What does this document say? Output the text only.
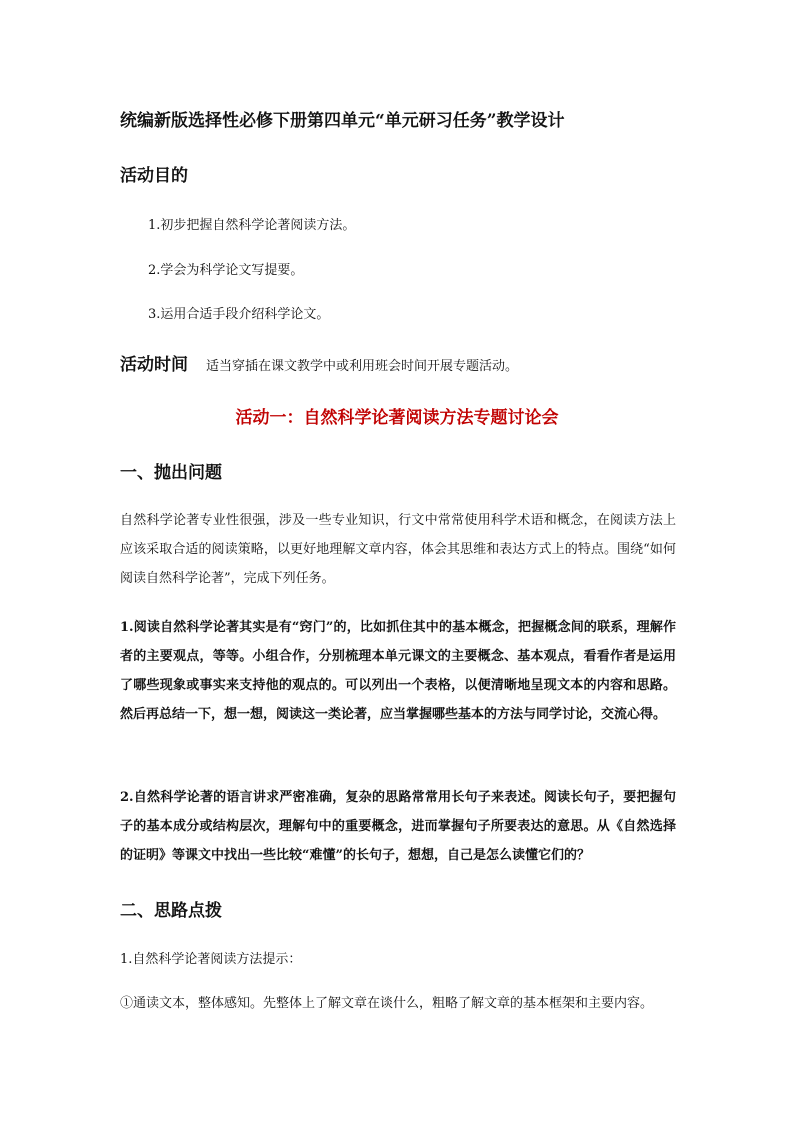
统编新版选择性必修下册第四单元“单元研习任务”教学设计
活动目的
1.初步把握自然科学论著阅读方法。
2.学会为科学论文写提要。
3.运用合适手段介绍科学论文。
活动时间 适当穿插在课文教学中或利用班会时间开展专题活动。
活动一：自然科学论著阅读方法专题讨论会
一、抛出问题
自然科学论著专业性很强，涉及一些专业知识，行文中常常使用科学术语和概念，在阅读方法上应该采取合适的阅读策略，以更好地理解文章内容，体会其思维和表达方式上的特点。围绕“如何阅读自然科学论著”，完成下列任务。
1.阅读自然科学论著其实是有“窍门”的，比如抓住其中的基本概念，把握概念间的联系，理解作者的主要观点，等等。小组合作，分别梳理本单元课文的主要概念、基本观点，看看作者是运用了哪些现象或事实来支持他的观点的。可以列出一个表格，以便清晰地呈现文本的内容和思路。然后再总结一下，想一想，阅读这一类论著，应当掌握哪些基本的方法与同学讨论，交流心得。
2.自然科学论著的语言讲求严密准确，复杂的思路常常用长句子来表述。阅读长句子，要把握句子的基本成分或结构层次，理解句中的重要概念，进而掌握句子所要表达的意思。从《自然选择的证明》等课文中找出一些比较“难懂”的长句子，想想，自己是怎么读懂它们的？
二、思路点拨
1.自然科学论著阅读方法提示：
①通读文本，整体感知。先整体上了解文章在谈什么，粗略了解文章的基本框架和主要内容。
